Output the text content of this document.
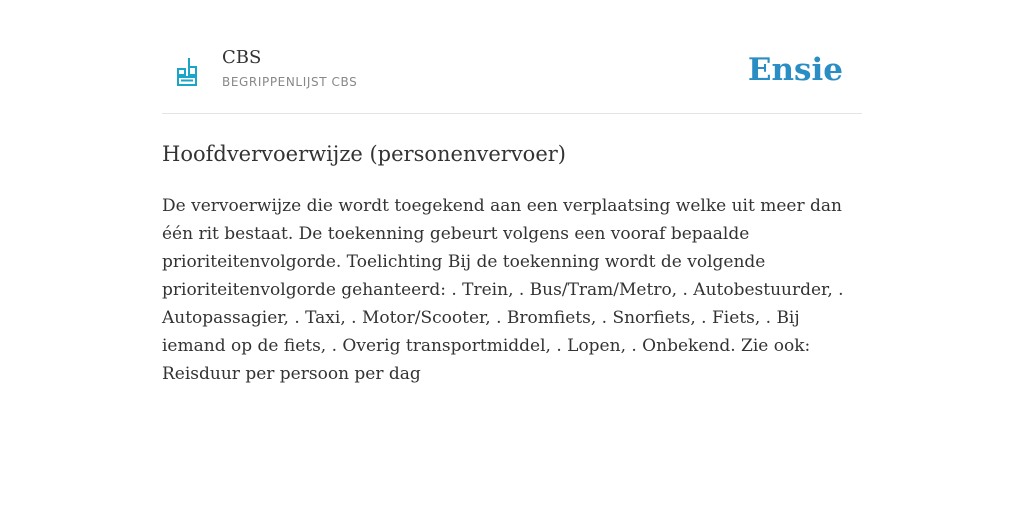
CBS
BEGRIPPENLIJST CBS	Ensie
Hoofdvervoerwijze (personenvervoer)

De vervoerwijze die wordt toegekend aan een verplaatsing welke uit meer dan één rit bestaat. De toekenning gebeurt volgens een vooraf bepaalde prioriteitenvolgorde. Toelichting Bij de toekenning wordt de volgende prioriteitenvolgorde gehanteerd: . Trein, . Bus/Tram/Metro, . Autobestuurder, . Autopassagier, . Taxi, . Motor/Scooter, . Bromfiets, . Snorfiets, . Fiets, . Bij iemand op de fiets, . Overig transportmiddel, . Lopen, . Onbekend. Zie ook: Reisduur per persoon per dag
